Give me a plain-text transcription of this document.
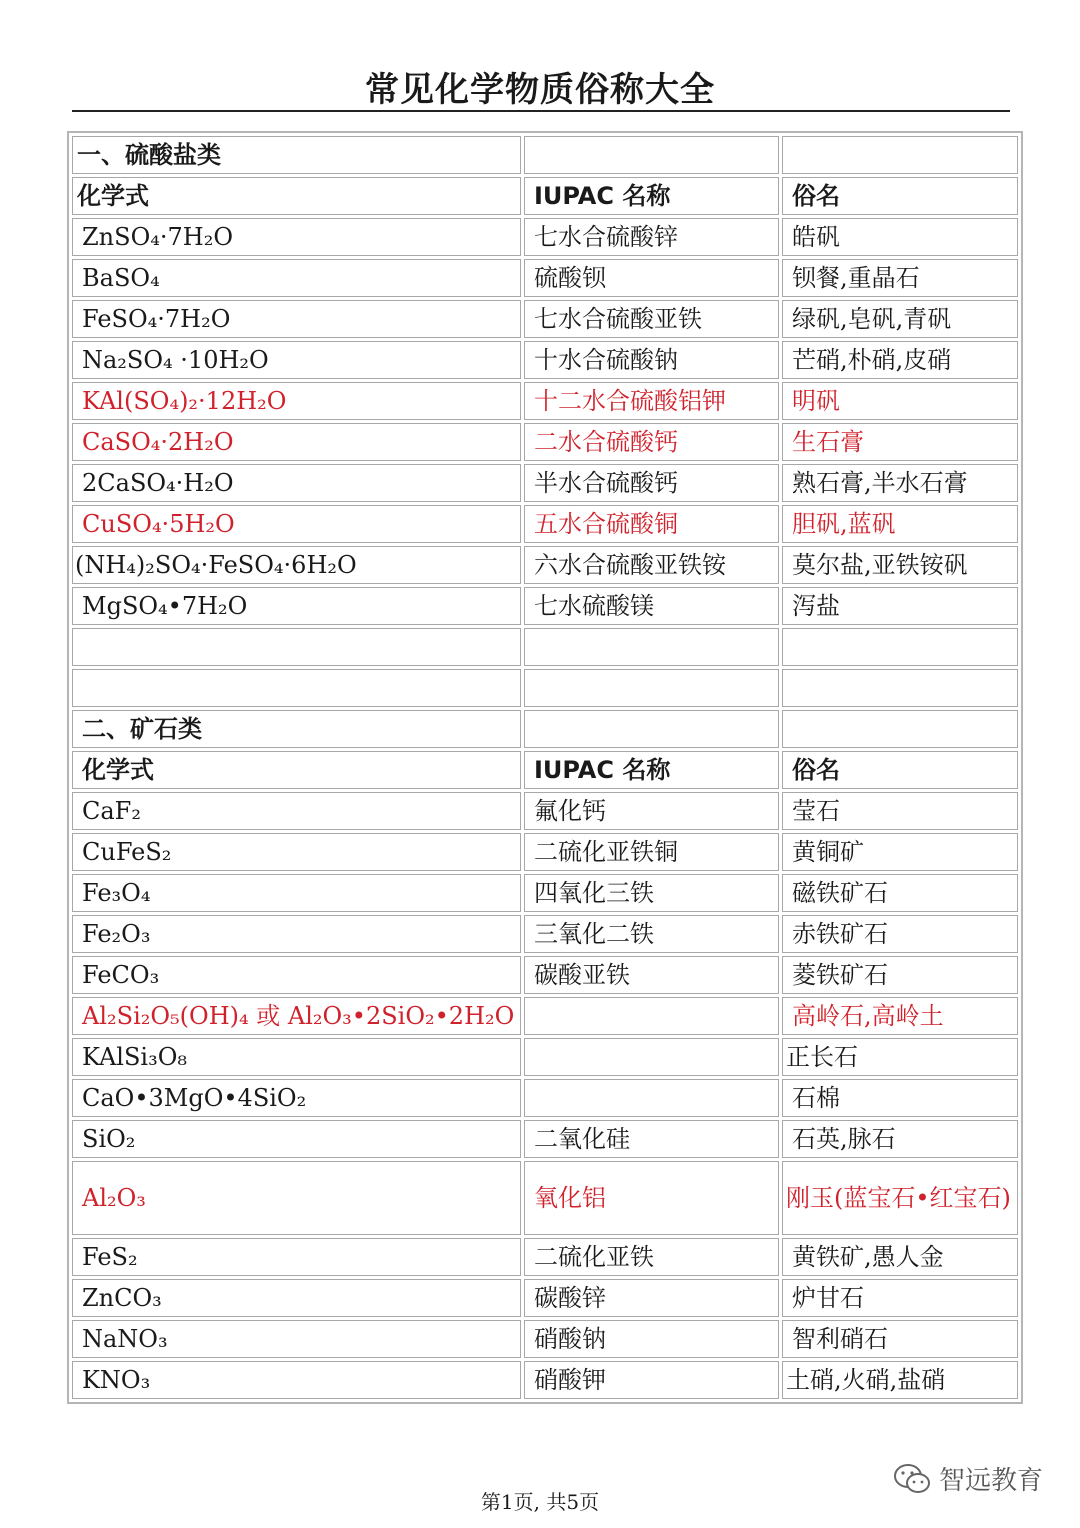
常见化学物质俗称大全
一、硫酸盐类		
化学式	IUPAC 名称	俗名
ZnSO₄·7H₂O	七水合硫酸锌	皓矾
BaSO₄	硫酸钡	钡餐,重晶石
FeSO₄·7H₂O	七水合硫酸亚铁	绿矾,皂矾,青矾
Na₂SO₄ ·10H₂O	十水合硫酸钠	芒硝,朴硝,皮硝
KAl(SO₄)₂·12H₂O	十二水合硫酸铝钾	明矾
CaSO₄·2H₂O	二水合硫酸钙	生石膏
2CaSO₄·H₂O	半水合硫酸钙	熟石膏,半水石膏
CuSO₄·5H₂O	五水合硫酸铜	胆矾,蓝矾
(NH₄)₂SO₄·FeSO₄·6H₂O	六水合硫酸亚铁铵	莫尔盐,亚铁铵矾
MgSO₄•7H₂O	七水硫酸镁	泻盐

二、矿石类		
化学式	IUPAC 名称	俗名
CaF₂	氟化钙	莹石
CuFeS₂	二硫化亚铁铜	黄铜矿
Fe₃O₄	四氧化三铁	磁铁矿石
Fe₂O₃	三氧化二铁	赤铁矿石
FeCO₃	碳酸亚铁	菱铁矿石
Al₂Si₂O₅(OH)₄ 或 Al₂O₃•2SiO₂•2H₂O		高岭石,高岭土
KAlSi₃O₈		正长石
CaO•3MgO•4SiO₂		石棉
SiO₂	二氧化硅	石英,脉石
Al₂O₃	氧化铝	刚玉(蓝宝石•红宝石)
FeS₂	二硫化亚铁	黄铁矿,愚人金
ZnCO₃	碳酸锌	炉甘石
NaNO₃	硝酸钠	智利硝石
KNO₃	硝酸钾	土硝,火硝,盐硝
智远教育
第1页, 共5页
